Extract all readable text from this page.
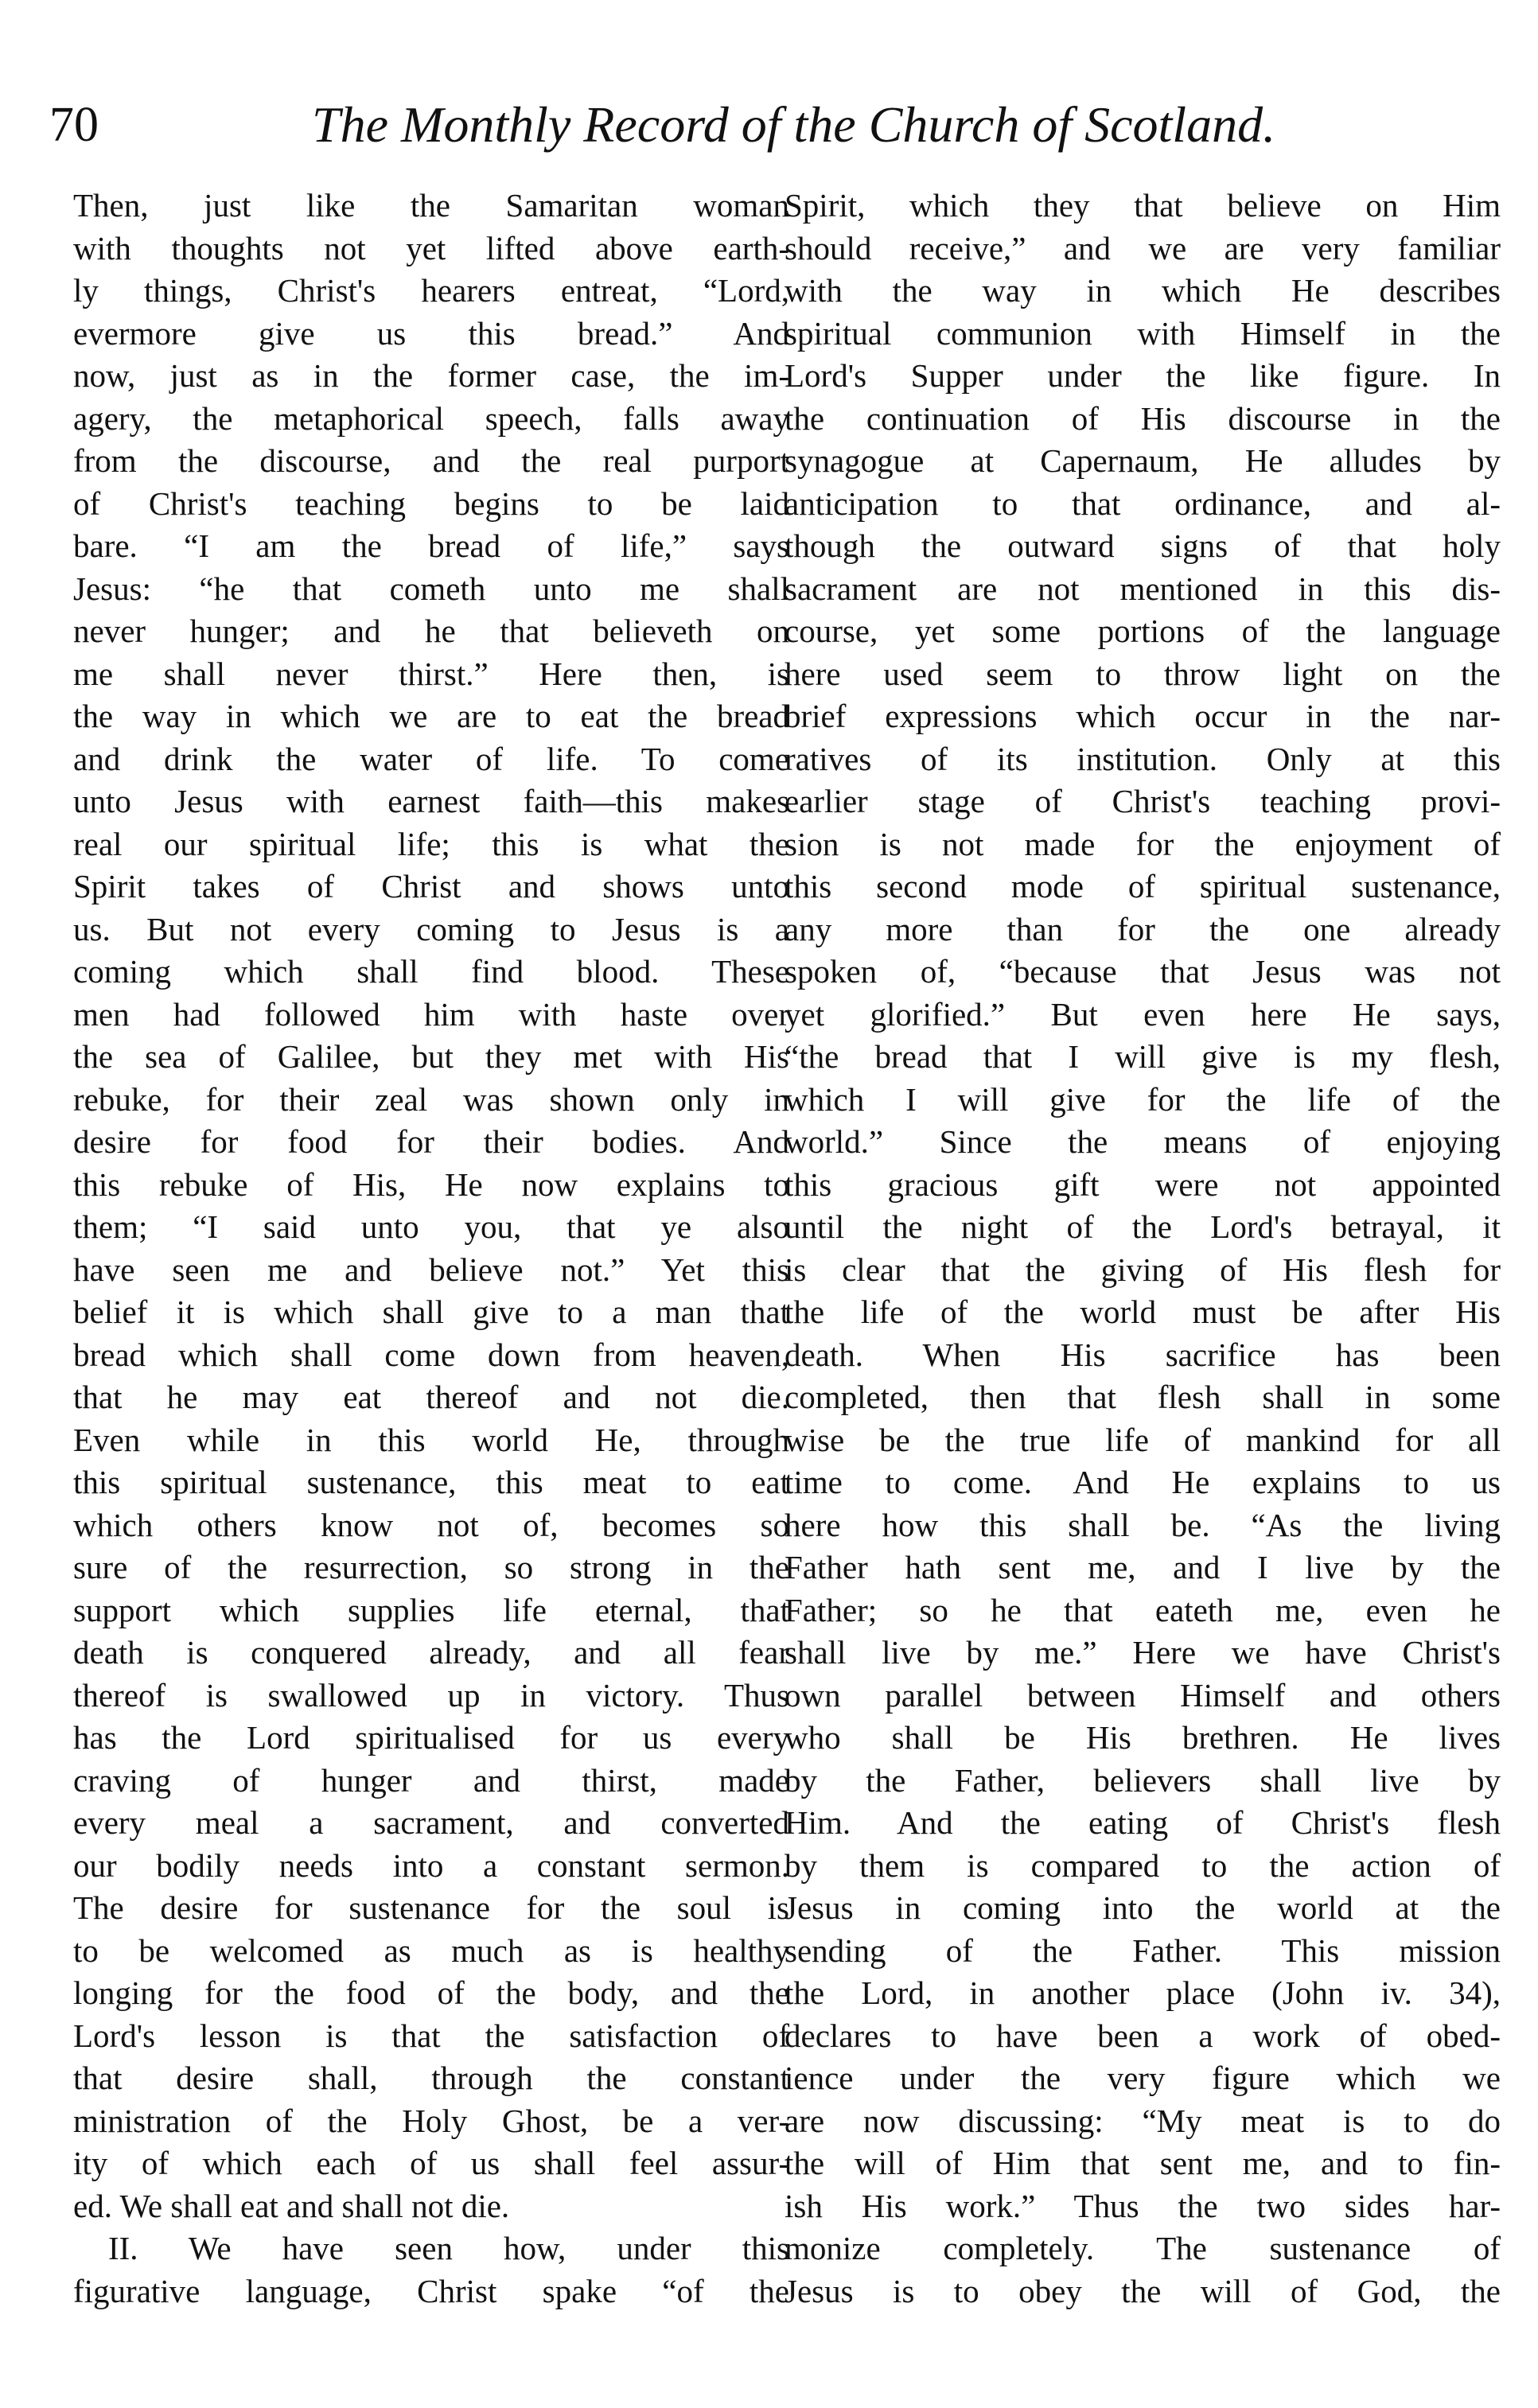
70	The Monthly Record of the Church of Scotland.
Then, just like the Samaritan woman
with thoughts not yet lifted above earth-
ly things, Christ's hearers entreat, “Lord,
evermore give us this bread.” And
now, just as in the former case, the im-
agery, the metaphorical speech, falls away
from the discourse, and the real purport
of Christ's teaching begins to be laid
bare. “I am the bread of life,” says
Jesus: “he that cometh unto me shall
never hunger; and he that believeth on
me shall never thirst.” Here then, is
the way in which we are to eat the bread
and drink the water of life. To come
unto Jesus with earnest faith—this makes
real our spiritual life; this is what the
Spirit takes of Christ and shows unto
us. But not every coming to Jesus is a
coming which shall find blood. These
men had followed him with haste over
the sea of Galilee, but they met with His
rebuke, for their zeal was shown only in
desire for food for their bodies. And
this rebuke of His, He now explains to
them; “I said unto you, that ye also
have seen me and believe not.” Yet this
belief it is which shall give to a man that
bread which shall come down from heaven,
that he may eat thereof and not die.
Even while in this world He, through
this spiritual sustenance, this meat to eat
which others know not of, becomes so
sure of the resurrection, so strong in the
support which supplies life eternal, that
death is conquered already, and all fear
thereof is swallowed up in victory. Thus
has the Lord spiritualised for us every
craving of hunger and thirst, made
every meal a sacrament, and converted
our bodily needs into a constant sermon.
The desire for sustenance for the soul is
to be welcomed as much as is healthy
longing for the food of the body, and the
Lord's lesson is that the satisfaction of
that desire shall, through the constant
ministration of the Holy Ghost, be a ver-
ity of which each of us shall feel assur-
ed. We shall eat and shall not die.
II. We have seen how, under this
figurative language, Christ spake “of the
Spirit, which they that believe on Him
should receive,” and we are very familiar
with the way in which He describes
spiritual communion with Himself in the
Lord's Supper under the like figure. In
the continuation of His discourse in the
synagogue at Capernaum, He alludes by
anticipation to that ordinance, and al-
though the outward signs of that holy
sacrament are not mentioned in this dis-
course, yet some portions of the language
here used seem to throw light on the
brief expressions which occur in the nar-
ratives of its institution. Only at this
earlier stage of Christ's teaching provi-
sion is not made for the enjoyment of
this second mode of spiritual sustenance,
any more than for the one already
spoken of, “because that Jesus was not
yet glorified.” But even here He says,
“the bread that I will give is my flesh,
which I will give for the life of the
world.” Since the means of enjoying
this gracious gift were not appointed
until the night of the Lord's betrayal, it
is clear that the giving of His flesh for
the life of the world must be after His
death. When His sacrifice has been
completed, then that flesh shall in some
wise be the true life of mankind for all
time to come. And He explains to us
here how this shall be. “As the living
Father hath sent me, and I live by the
Father; so he that eateth me, even he
shall live by me.” Here we have Christ's
own parallel between Himself and others
who shall be His brethren. He lives
by the Father, believers shall live by
Him. And the eating of Christ's flesh
by them is compared to the action of
Jesus in coming into the world at the
sending of the Father. This mission
the Lord, in another place (John iv. 34),
declares to have been a work of obed-
ience under the very figure which we
are now discussing: “My meat is to do
the will of Him that sent me, and to fin-
ish His work.” Thus the two sides har-
monize completely. The sustenance of
Jesus is to obey the will of God, the
